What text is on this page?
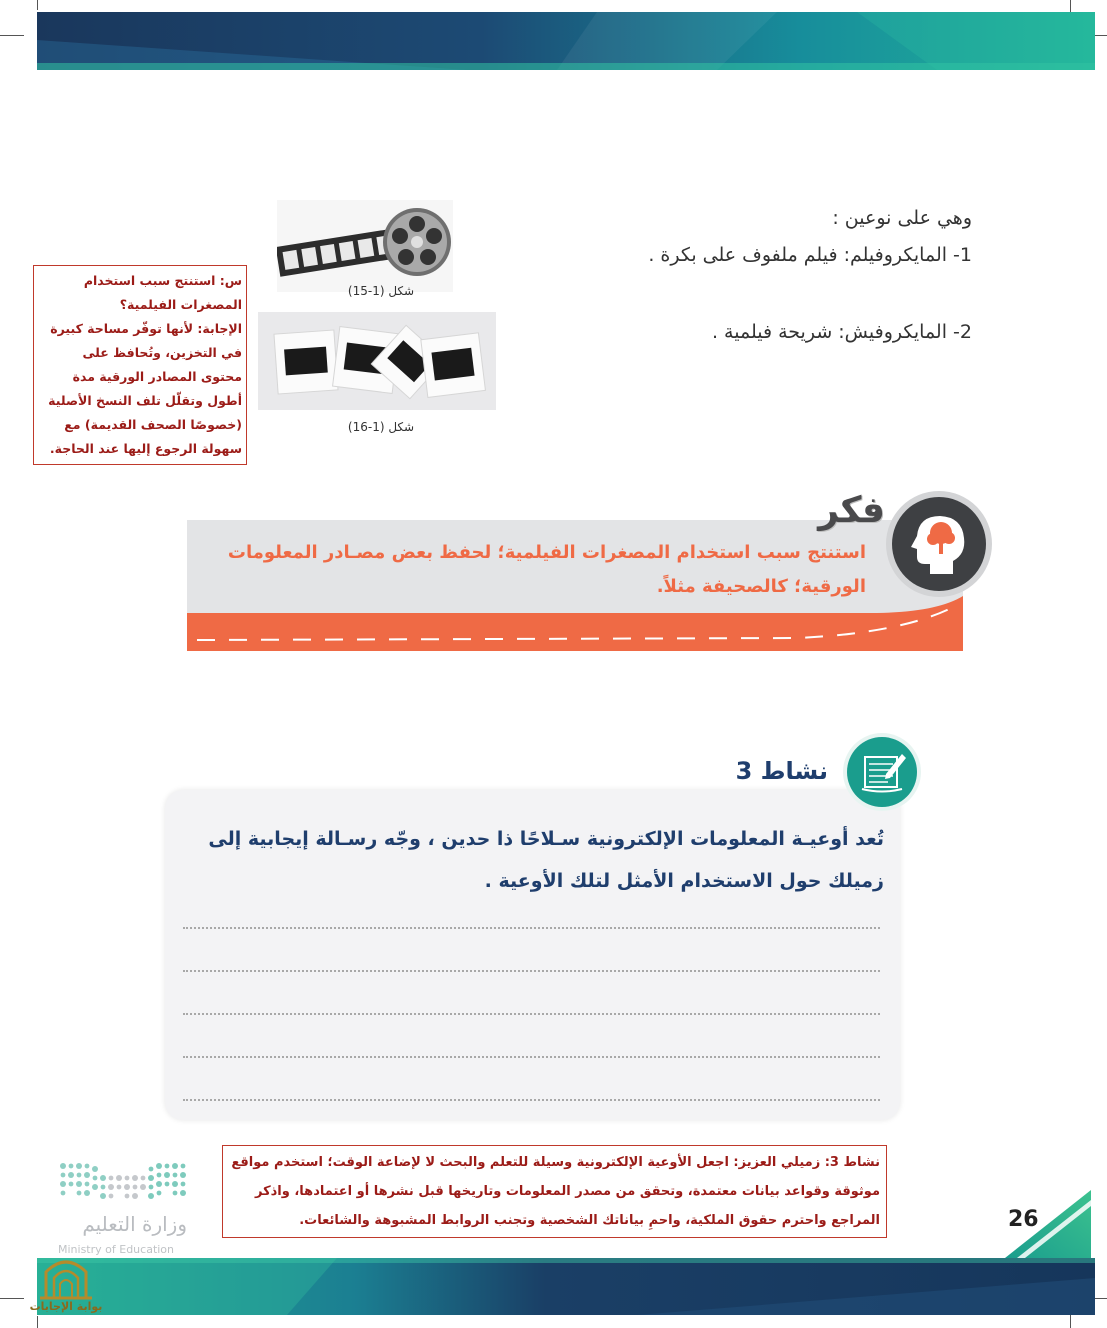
وهي على نوعين :
1- المايكروفيلم: فيلم ملفوف على بكرة .
2- المايكروفيش: شريحة فيلمية .
شكل (1-15)
شكل (1-16)
س: استنتج سبب استخدام المصغرات الفيلمية؟
الإجابة: لأنها توفّر مساحة كبيرة في التخزين، وتُحافظ على محتوى المصادر الورقية مدة أطول وتقلّل تلف النسخ الأصلية (خصوصًا الصحف القديمة) مع سهولة الرجوع إليها عند الحاجة.
فكر
استنتج سبب استخدام المصغرات الفيلمية؛ لحفظ بعض مصـادر المعلومات
الورقية؛ كالصحيفة مثلاً.
نشاط 3
تُعد أوعيـة المعلومات الإلكترونية سـلاحًا ذا حدين ، وجّه رسـالة إيجابية إلى زميلك حول الاستخدام الأمثل لتلك الأوعية .
نشاط 3: زميلي العزيز: اجعل الأوعية الإلكترونية وسيلة للتعلم والبحث لا لإضاعة الوقت؛ استخدم مواقع موثوقة وقواعد بيانات معتمدة، وتحقق من مصدر المعلومات وتاريخها قبل نشرها أو اعتمادها، واذكر المراجع واحترم حقوق الملكية، واحمِ بياناتك الشخصية وتجنب الروابط المشبوهة والشائعات.
وزارة التعليم
Ministry of Education
26
بوابة الإجابات
